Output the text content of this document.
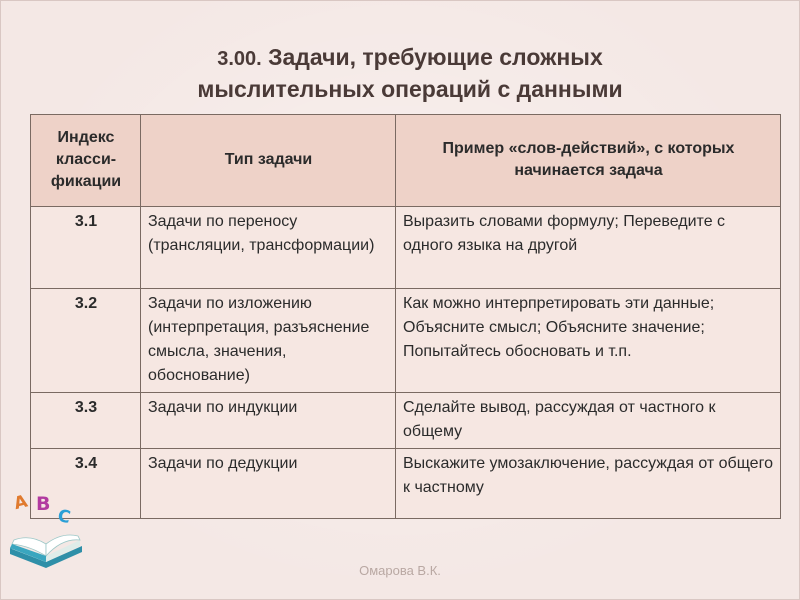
3.00. Задачи, требующие сложных
мыслительных операций с данными
Индекс класси-фикации	Тип задачи	Пример «слов-действий», с которых начинается задача
3.1	Задачи по переносу (трансляции, трансформации)	Выразить словами формулу; Переведите с одного языка на другой
3.2	Задачи по изложению (интерпретация, разъяснение смысла, значения, обоснование)	Как можно интерпретировать эти данные; Объясните смысл; Объясните значение; Попытайтесь обосновать и т.п.
3.3	Задачи по индукции	Сделайте вывод, рассуждая от частного к общему
3.4	Задачи по дедукции	Выскажите умозаключение, рассуждая от общего к частному
A B
C
Омарова В.К.
